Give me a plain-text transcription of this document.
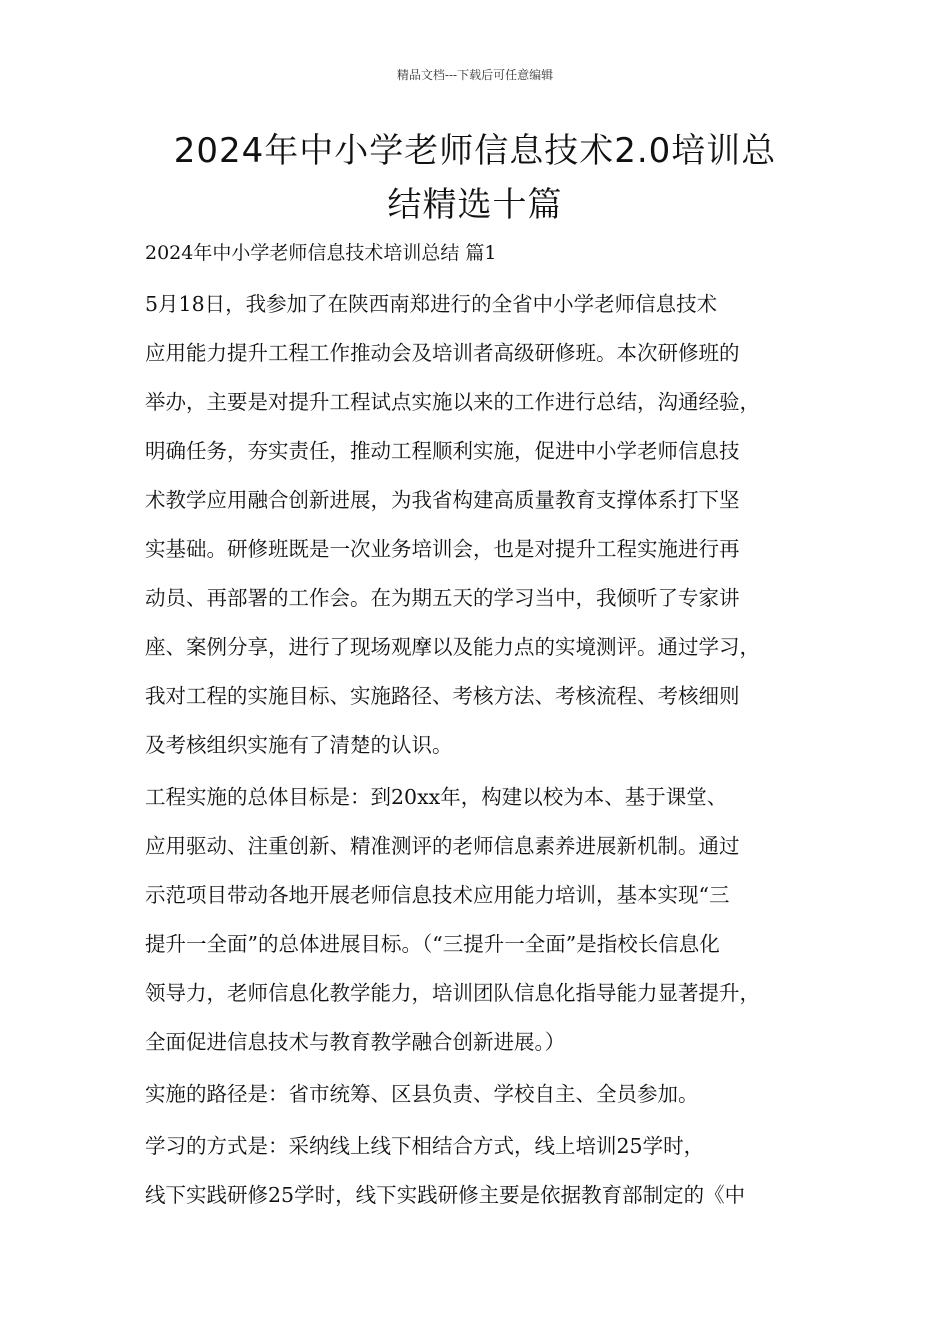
精品文档---下载后可任意编辑
2024年中小学老师信息技术2.0培训总
结精选十篇
2024年中小学老师信息技术培训总结 篇1

5月18日，我参加了在陕西南郑进行的全省中小学老师信息技术
应用能力提升工程工作推动会及培训者高级研修班。本次研修班的
举办，主要是对提升工程试点实施以来的工作进行总结，沟通经验，
明确任务，夯实责任，推动工程顺利实施，促进中小学老师信息技
术教学应用融合创新进展，为我省构建高质量教育支撑体系打下坚
实基础。研修班既是一次业务培训会，也是对提升工程实施进行再
动员、再部署的工作会。在为期五天的学习当中，我倾听了专家讲
座、案例分享，进行了现场观摩以及能力点的实境测评。通过学习，
我对工程的实施目标、实施路径、考核方法、考核流程、考核细则
及考核组织实施有了清楚的认识。

工程实施的总体目标是：到20xx年，构建以校为本、基于课堂、
应用驱动、注重创新、精准测评的老师信息素养进展新机制。通过
示范项目带动各地开展老师信息技术应用能力培训，基本实现“三
提升一全面”的总体进展目标。（“三提升一全面”是指校长信息化
领导力，老师信息化教学能力，培训团队信息化指导能力显著提升，
全面促进信息技术与教育教学融合创新进展。）

实施的路径是：省市统筹、区县负责、学校自主、全员参加。

学习的方式是：采纳线上线下相结合方式，线上培训25学时，
线下实践研修25学时，线下实践研修主要是依据教育部制定的《中
